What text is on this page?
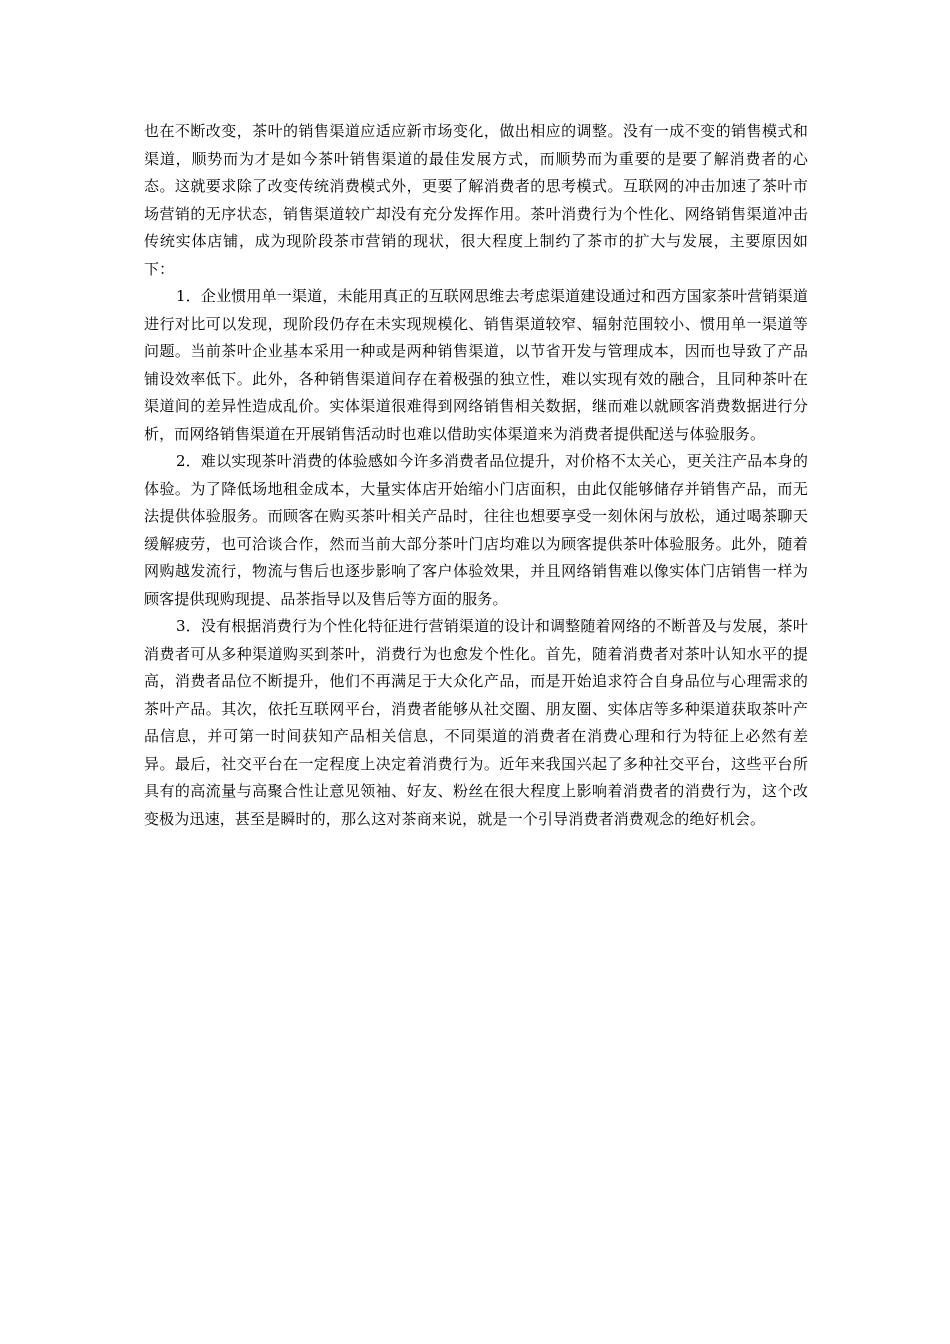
也在不断改变，茶叶的销售渠道应适应新市场变化，做出相应的调整。没有一成不变的销售模式和渠道，顺势而为才是如今茶叶销售渠道的最佳发展方式，而顺势而为重要的是要了解消费者的心态。这就要求除了改变传统消费模式外，更要了解消费者的思考模式。互联网的冲击加速了茶叶市场营销的无序状态，销售渠道较广却没有充分发挥作用。茶叶消费行为个性化、网络销售渠道冲击传统实体店铺，成为现阶段茶市营销的现状，很大程度上制约了茶市的扩大与发展，主要原因如下：

1．企业惯用单一渠道，未能用真正的互联网思维去考虑渠道建设通过和西方国家茶叶营销渠道进行对比可以发现，现阶段仍存在未实现规模化、销售渠道较窄、辐射范围较小、惯用单一渠道等问题。当前茶叶企业基本采用一种或是两种销售渠道，以节省开发与管理成本，因而也导致了产品铺设效率低下。此外，各种销售渠道间存在着极强的独立性，难以实现有效的融合，且同种茶叶在渠道间的差异性造成乱价。实体渠道很难得到网络销售相关数据，继而难以就顾客消费数据进行分析，而网络销售渠道在开展销售活动时也难以借助实体渠道来为消费者提供配送与体验服务。

2．难以实现茶叶消费的体验感如今许多消费者品位提升，对价格不太关心，更关注产品本身的体验。为了降低场地租金成本，大量实体店开始缩小门店面积，由此仅能够储存并销售产品，而无法提供体验服务。而顾客在购买茶叶相关产品时，往往也想要享受一刻休闲与放松，通过喝茶聊天缓解疲劳，也可洽谈合作，然而当前大部分茶叶门店均难以为顾客提供茶叶体验服务。此外，随着网购越发流行，物流与售后也逐步影响了客户体验效果，并且网络销售难以像实体门店销售一样为顾客提供现购现提、品茶指导以及售后等方面的服务。

3．没有根据消费行为个性化特征进行营销渠道的设计和调整随着网络的不断普及与发展，茶叶消费者可从多种渠道购买到茶叶，消费行为也愈发个性化。首先，随着消费者对茶叶认知水平的提高，消费者品位不断提升，他们不再满足于大众化产品，而是开始追求符合自身品位与心理需求的茶叶产品。其次，依托互联网平台，消费者能够从社交圈、朋友圈、实体店等多种渠道获取茶叶产品信息，并可第一时间获知产品相关信息，不同渠道的消费者在消费心理和行为特征上必然有差异。最后，社交平台在一定程度上决定着消费行为。近年来我国兴起了多种社交平台，这些平台所具有的高流量与高聚合性让意见领袖、好友、粉丝在很大程度上影响着消费者的消费行为，这个改变极为迅速，甚至是瞬时的，那么这对茶商来说，就是一个引导消费者消费观念的绝好机会。
